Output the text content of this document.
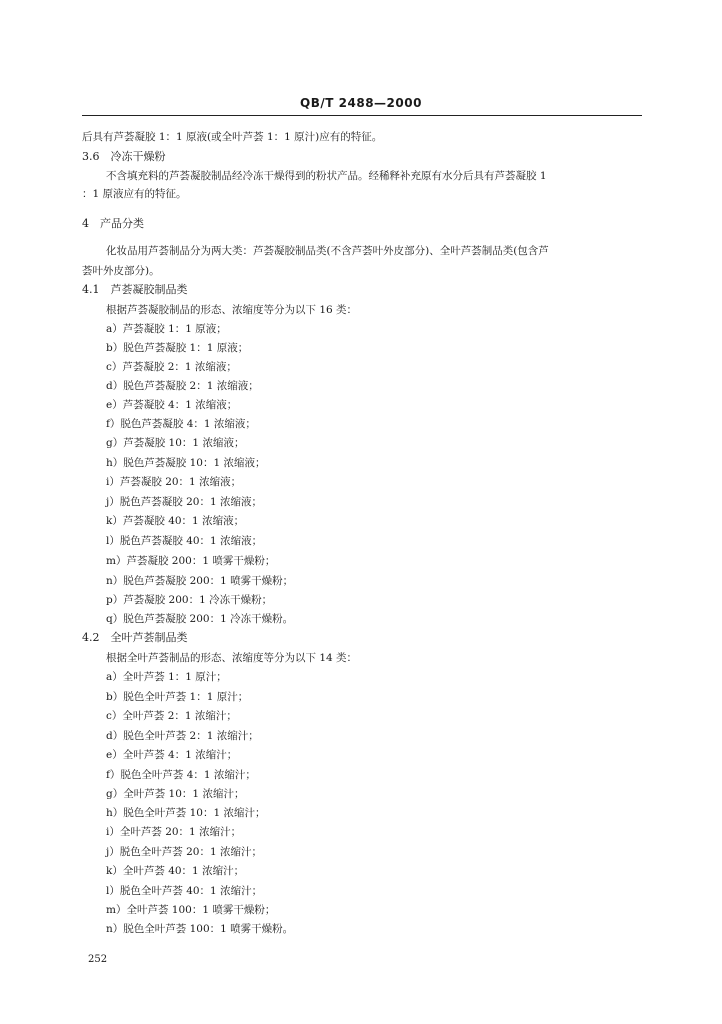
QB/T 2488—2000
后具有芦荟凝胶 1：1 原液(或全叶芦荟 1：1 原汁)应有的特征。
3.6　冷冻干燥粉
不含填充料的芦荟凝胶制品经冷冻干燥得到的粉状产品。经稀释补充原有水分后具有芦荟凝胶 1
：1 原液应有的特征。
4　产品分类
化妆品用芦荟制品分为两大类：芦荟凝胶制品类(不含芦荟叶外皮部分)、全叶芦荟制品类(包含芦
荟叶外皮部分)。
4.1　芦荟凝胶制品类
根据芦荟凝胶制品的形态、浓缩度等分为以下 16 类：
a）芦荟凝胶 1：1 原液；
b）脱色芦荟凝胶 1：1 原液；
c）芦荟凝胶 2：1 浓缩液；
d）脱色芦荟凝胶 2：1 浓缩液；
e）芦荟凝胶 4：1 浓缩液；
f）脱色芦荟凝胶 4：1 浓缩液；
g）芦荟凝胶 10：1 浓缩液；
h）脱色芦荟凝胶 10：1 浓缩液；
i）芦荟凝胶 20：1 浓缩液；
j）脱色芦荟凝胶 20：1 浓缩液；
k）芦荟凝胶 40：1 浓缩液；
l）脱色芦荟凝胶 40：1 浓缩液；
m）芦荟凝胶 200：1 喷雾干燥粉；
n）脱色芦荟凝胶 200：1 喷雾干燥粉；
p）芦荟凝胶 200：1 冷冻干燥粉；
q）脱色芦荟凝胶 200：1 冷冻干燥粉。
4.2　全叶芦荟制品类
根据全叶芦荟制品的形态、浓缩度等分为以下 14 类：
a）全叶芦荟 1：1 原汁；
b）脱色全叶芦荟 1：1 原汁；
c）全叶芦荟 2：1 浓缩汁；
d）脱色全叶芦荟 2：1 浓缩汁；
e）全叶芦荟 4：1 浓缩汁；
f）脱色全叶芦荟 4：1 浓缩汁；
g）全叶芦荟 10：1 浓缩汁；
h）脱色全叶芦荟 10：1 浓缩汁；
i）全叶芦荟 20：1 浓缩汁；
j）脱色全叶芦荟 20：1 浓缩汁；
k）全叶芦荟 40：1 浓缩汁；
l）脱色全叶芦荟 40：1 浓缩汁；
m）全叶芦荟 100：1 喷雾干燥粉；
n）脱色全叶芦荟 100：1 喷雾干燥粉。
252
